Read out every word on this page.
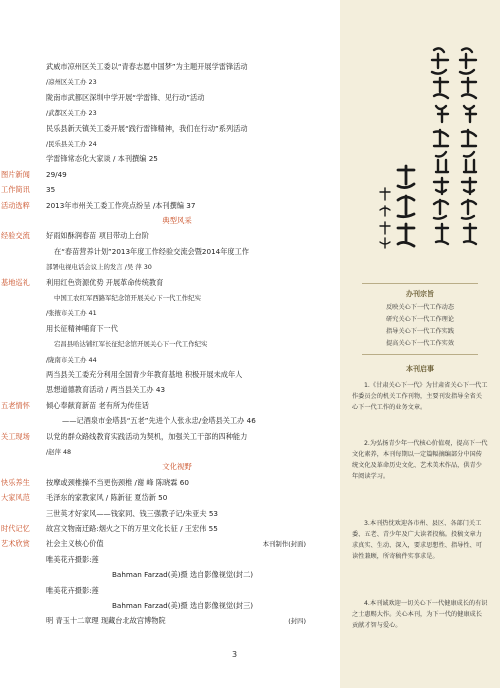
武威市凉州区关工委以“青春志愿中国梦”为主题开展学雷锋活动
/凉州区关工办 23
陇南市武都区深圳中学开展“学雷锋、见行动”活动
/武都区关工办 23
民乐县新天镇关工委开展“践行雷锋精神，我们在行动”系列活动
/民乐县关工办 24
学雷锋常态化大家谈 / 本刊撰编 25
图片新闻	29/49
工作简讯	35
活动选粹	2013年市州关工委工作亮点纷呈 /本刊撰编 37
典型风采
经验交流	好雨如酥润春苗 项目带动上台阶
在“春苗营养计划”2013年度工作经验交流会暨2014年度工作
部署电视电话会议上的发言 /吴 萍 30
基地巡礼	利用红色资源优势 开展革命传统教育
中国工农红军西路军纪念馆开展关心下一代工作纪实
/张掖市关工办 41
用长征精神哺育下一代
宕昌县哈达铺红军长征纪念馆开展关心下一代工作纪实
/陇南市关工办 44
两当县关工委充分利用全国青少年教育基地 积极开展未成年人
思想道德教育活动 / 两当县关工办 43
五老情怀	倾心奉献育新苗 老有所为传佳话
——记酒泉市金塔县“五老”先进个人张永忠/金塔县关工办 46
关工现场	以党的群众路线教育实践活动为契机，加强关工干部的四种能力
/赵萍 48
文化视野
快乐养生	按摩或颈椎操不当更伤颈椎 /谢 峰 陈晓霖 60
大家风范	毛泽东的家教家风 / 陈新征 夏岱新 50
三世英才好家风——钱家同、钱三强教子记/朱亚夫 53
时代记忆	故宫文物南迁路:烟火之下的万里文化长征 / 王宏伟 55
艺术欣赏	社会主义核心价值	本刊制作(封面)
唯美花卉摄影:莲
Bahman Farzad(美)摄 选自影像视觉(封二)
唯美花卉摄影:莲
Bahman Farzad(美)摄 选自影像视觉(封三)
明 青玉十二章理 现藏台北故宫博物院	(封四)
3
办刊宗旨
反映关心下一代工作动态
研究关心下一代工作理论
指导关心下一代工作实践
提高关心下一代工作实效
本刊启事

1.《甘肃关心下一代》为甘肃省关心下一代工作委员会的机关工作刊物，主要刊发指导全省关心下一代工作的业务文章。

2.为弘扬青少年一代核心价值观，提高下一代文化素养，本刊每期以一定篇幅摘编部分中国传统文化及革命历史文化、艺术美术作品，供青少年阅读学习。

3.本刊热忱欢迎各市州、县区、各部门关工委、五老、青少年及广大读者投稿。投稿文章力求真实、生动、深入，要求思想性、指导性、可读性兼顾，所寄稿件实事求是。

4.本刊诚欢迎一切关心下一代健康成长的有识之士惠赐大作。关心本刊，为下一代的健康成长贡献才智与爱心。
